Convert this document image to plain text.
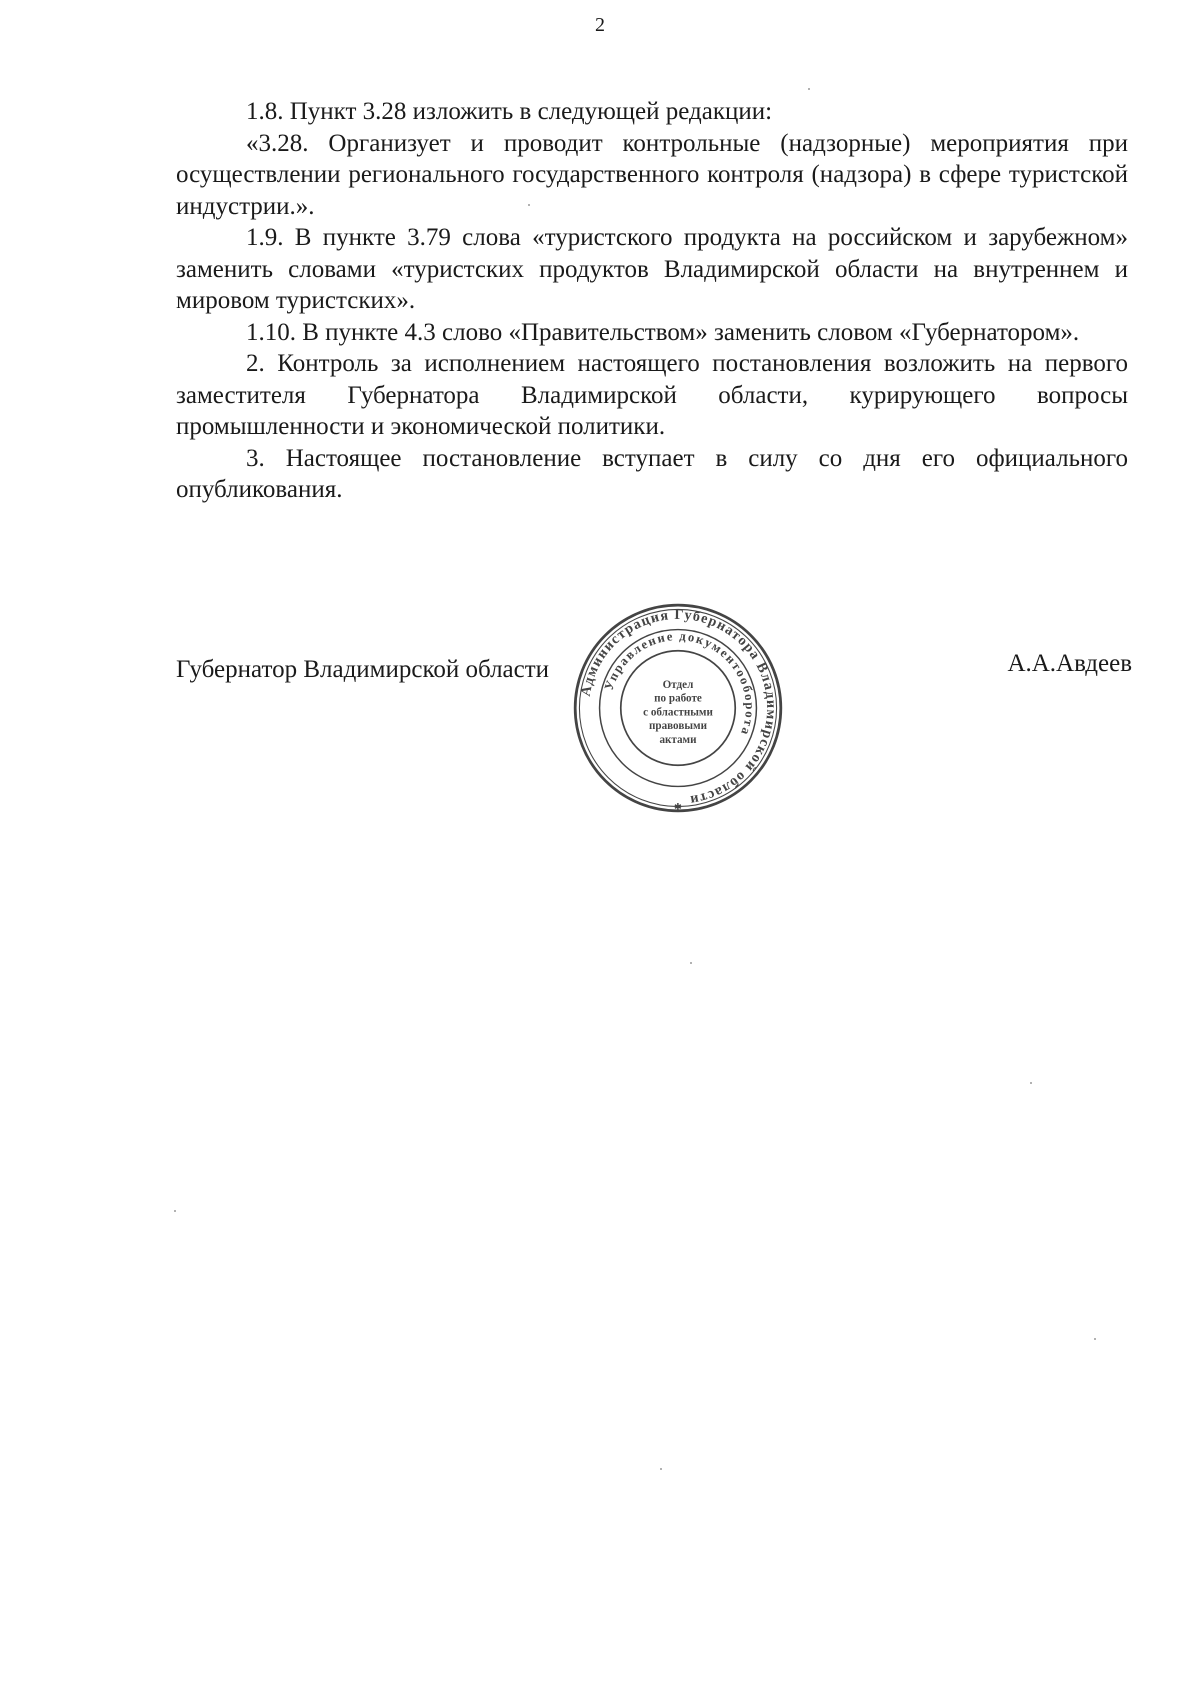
2

1.8. Пункт 3.28 изложить в следующей редакции:

«3.28. Организует и проводит контрольные (надзорные) мероприятия при осуществлении регионального государственного контроля (надзора) в сфере туристской индустрии.».

1.9. В пункте 3.79 слова «туристского продукта на российском и зарубежном» заменить словами «туристских продуктов Владимирской области на внутреннем и мировом туристских».

1.10. В пункте 4.3 слово «Правительством» заменить словом «Губернатором».

2. Контроль за исполнением настоящего постановления возложить на первого заместителя Губернатора Владимирской области, курирующего вопросы промышленности и экономической политики.

3. Настоящее постановление вступает в силу со дня его официального опубликования.

Губернатор Владимирской области	А.А.Авдеев
Администрация Губернатора Владимирской области
Управление документооборота
Отдел
по работе
с областными
правовыми
актами
✱
